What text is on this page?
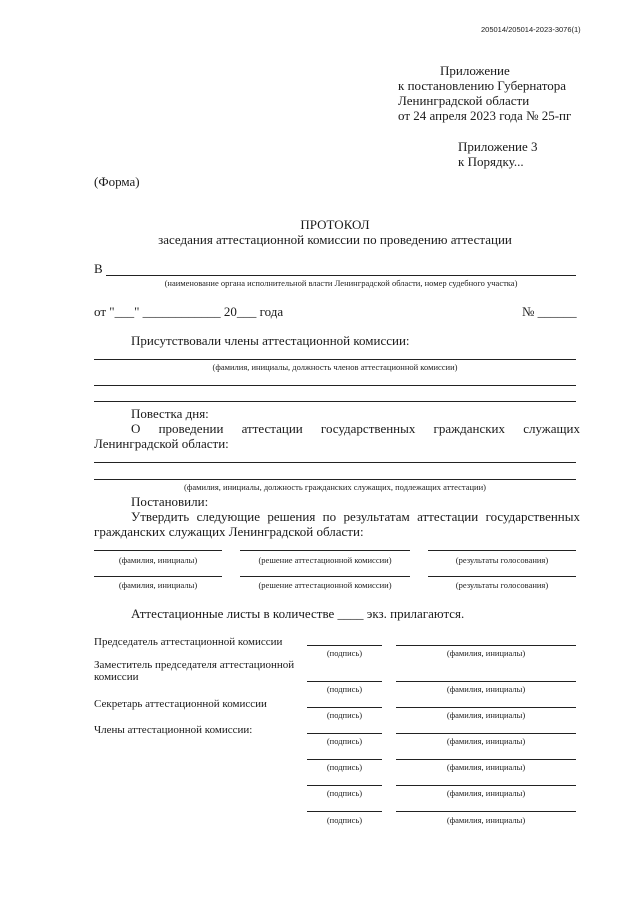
205014/205014-2023-3076(1)
Приложение
к постановлению Губернатора
Ленинградской области
от 24 апреля 2023 года № 25-пг
Приложение 3
к Порядку...
(Форма)
ПРОТОКОЛ
заседания аттестационной комиссии по проведению аттестации
В
(наименование органа исполнительной власти Ленинградской области, номер судебного участка)
от "___" ____________ 20___ года	№ ______
Присутствовали члены аттестационной комиссии:
(фамилия, инициалы, должность членов аттестационной комиссии)
Повестка дня:
О проведении аттестации государственных гражданских служащих
Ленинградской области:
(фамилия, инициалы, должность гражданских служащих, подлежащих аттестации)
Постановили:
Утвердить следующие решения по результатам аттестации государственных
гражданских служащих Ленинградской области:
(фамилия, инициалы)	(решение аттестационной комиссии)	(результаты голосования)
(фамилия, инициалы)	(решение аттестационной комиссии)	(результаты голосования)
Аттестационные листы в количестве ____ экз. прилагаются.
Председатель аттестационной комиссии
(подпись)	(фамилия, инициалы)
Заместитель председателя аттестационной
комиссии
(подпись)	(фамилия, инициалы)
Секретарь аттестационной комиссии
(подпись)	(фамилия, инициалы)
Члены аттестационной комиссии:
(подпись)	(фамилия, инициалы)
(подпись)	(фамилия, инициалы)
(подпись)	(фамилия, инициалы)
(подпись)	(фамилия, инициалы)
